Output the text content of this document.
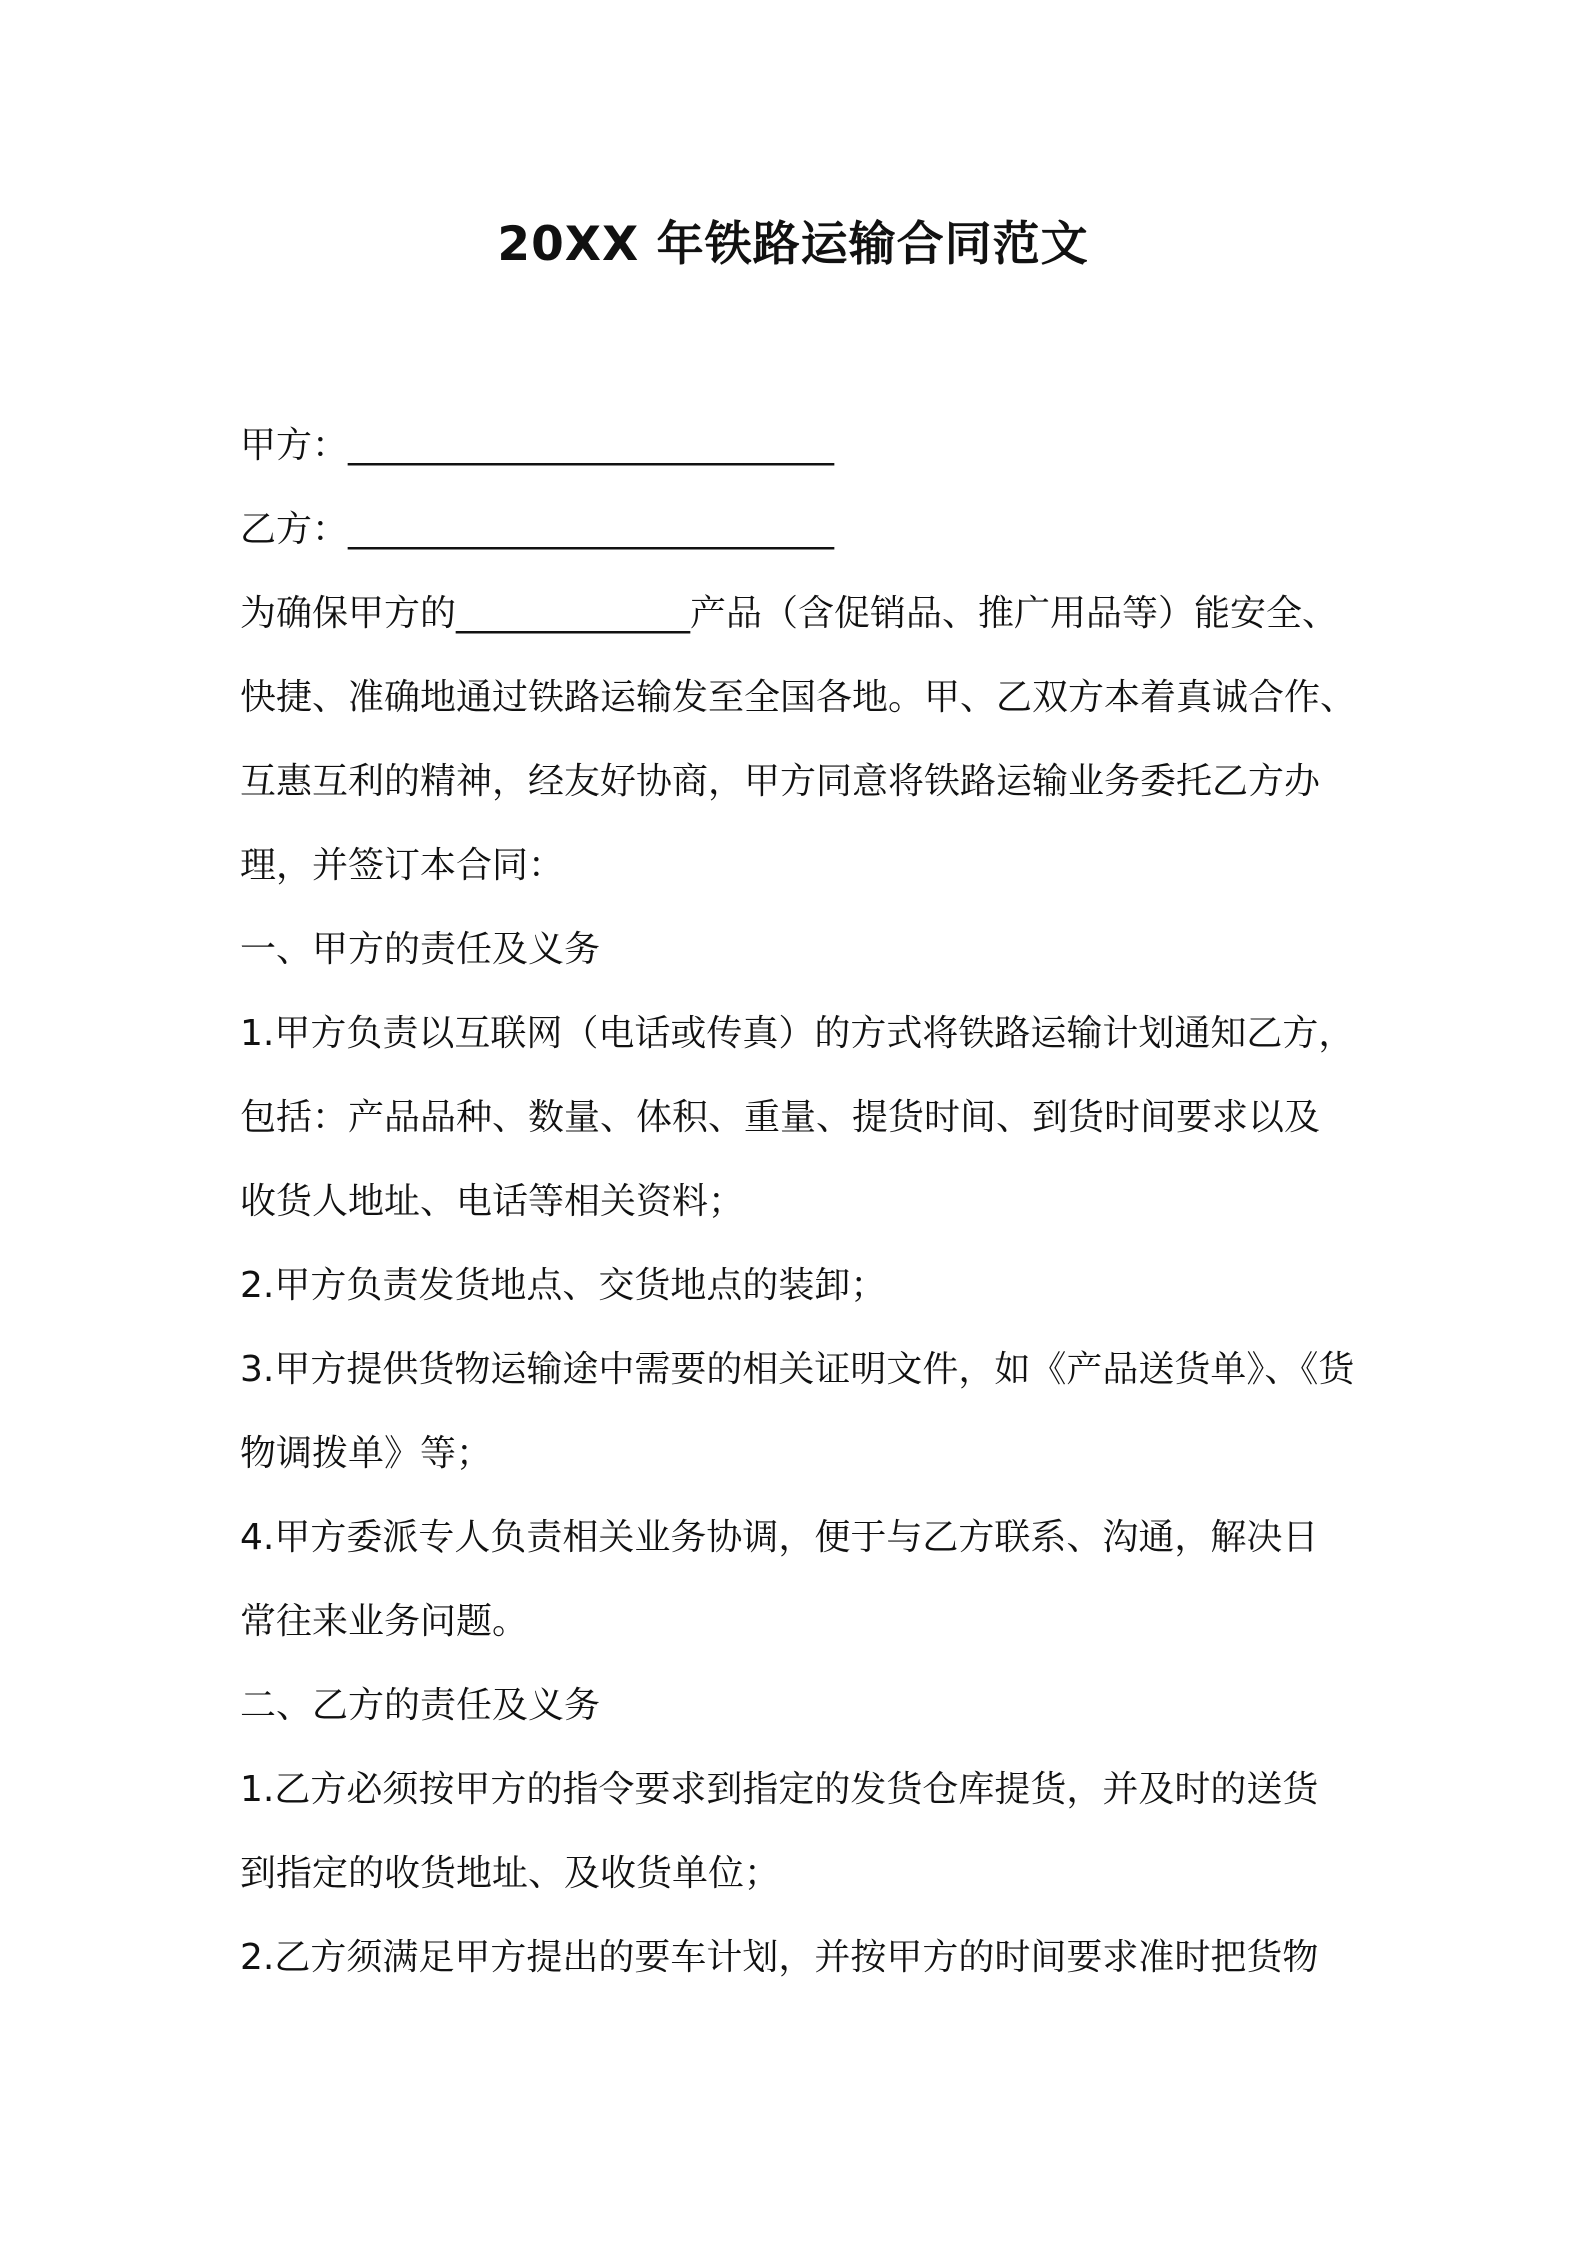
20XX 年铁路运输合同范文
甲方：___________________________
乙方：___________________________
为确保甲方的_____________产品（含促销品、推广用品等）能安全、
快捷、准确地通过铁路运输发至全国各地。甲、乙双方本着真诚合作、
互惠互利的精神，经友好协商，甲方同意将铁路运输业务委托乙方办
理，并签订本合同：
一、甲方的责任及义务
1.甲方负责以互联网（电话或传真）的方式将铁路运输计划通知乙方，
包括：产品品种、数量、体积、重量、提货时间、到货时间要求以及
收货人地址、电话等相关资料；
2.甲方负责发货地点、交货地点的装卸；
3.甲方提供货物运输途中需要的相关证明文件，如《产品送货单》、《货
物调拨单》等；
4.甲方委派专人负责相关业务协调，便于与乙方联系、沟通，解决日
常往来业务问题。
二、乙方的责任及义务
1.乙方必须按甲方的指令要求到指定的发货仓库提货，并及时的送货
到指定的收货地址、及收货单位；
2.乙方须满足甲方提出的要车计划，并按甲方的时间要求准时把货物
